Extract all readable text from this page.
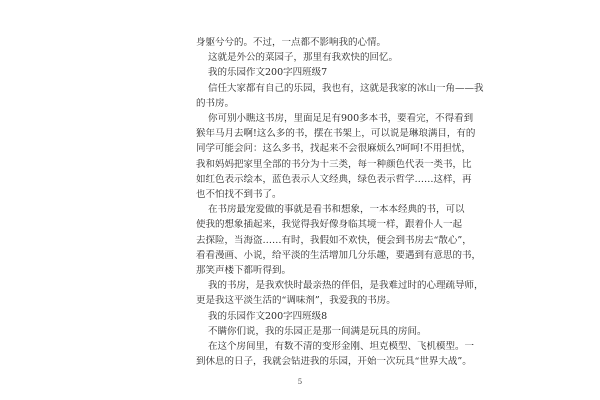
身躯兮兮的。不过，一点都不影响我的心情。
这就是外公的菜园子，那里有我欢快的回忆。
我的乐园作文200字四班级7
信任大家都有自己的乐园，我也有，这就是我家的冰山一角——我
的书房。
你可别小瞧这书房，里面足足有900多本书，要看完，不得看到
猴年马月去啊!这么多的书，摆在书架上，可以说是琳琅满目，有的
同学可能会问：这么多书，找起来不会很麻烦么?呵呵!不用担忧，
我和妈妈把家里全部的书分为十三类，每一种颜色代表一类书，比
如红色表示绘本，蓝色表示人文经典，绿色表示哲学……这样，再
也不怕找不到书了。
在书房最宠爱做的事就是看书和想象，一本本经典的书，可以
使我的想象插起来，我觉得我好像身临其境一样，跟着仆人一起
去探险，当海盗……有时，我假如不欢快，便会到书房去“散心”，
看看漫画、小说，给平淡的生活增加几分乐趣，要遇到有意思的书，
那笑声楼下都听得到。
我的书房，是我欢快时最亲热的伴侣，是我难过时的心理疏导师，
更是我这平淡生活的“调味剂”，我爱我的书房。
我的乐园作文200字四班级8
不瞒你们说，我的乐园正是那一间满是玩具的房间。
在这个房间里，有数不清的变形金刚、坦克模型、飞机模型。一
到休息的日子，我就会钻进我的乐园，开始一次玩具“世界大战”。
5
